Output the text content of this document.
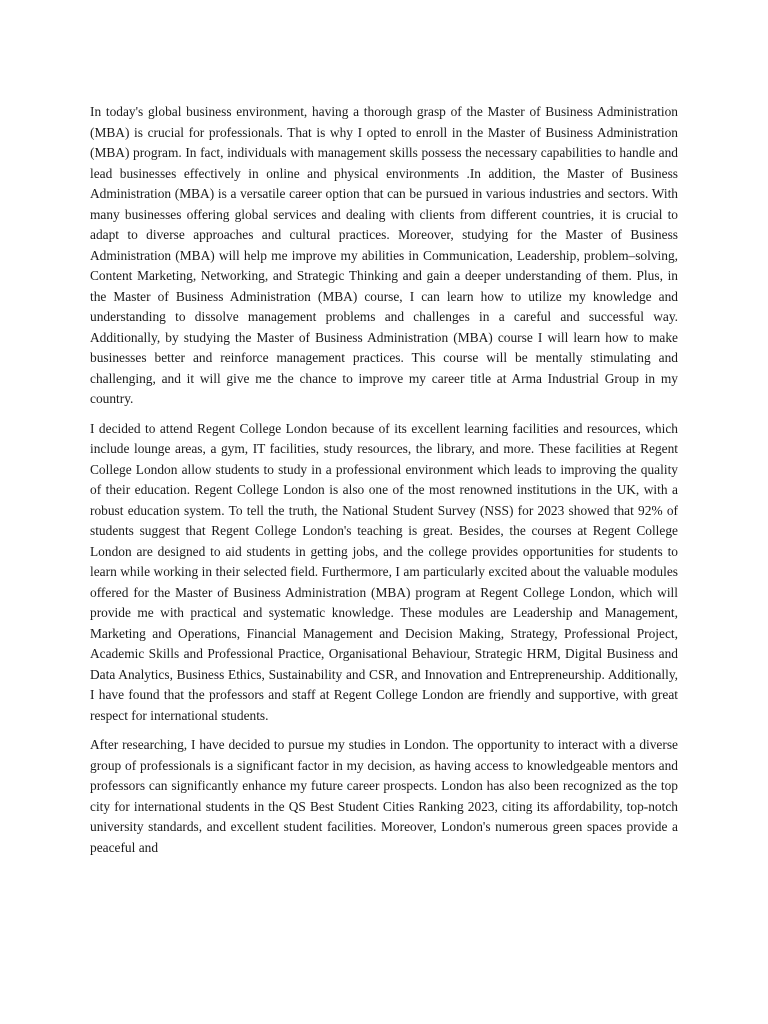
In today's global business environment, having a thorough grasp of the Master of Business Administration (MBA) is crucial for professionals. That is why I opted to enroll in the Master of Business Administration (MBA) program. In fact, individuals with management skills possess the necessary capabilities to handle and lead businesses effectively in online and physical environments .In addition, the Master of Business Administration (MBA) is a versatile career option that can be pursued in various industries and sectors. With many businesses offering global services and dealing with clients from different countries, it is crucial to adapt to diverse approaches and cultural practices. Moreover, studying for the Master of Business Administration (MBA) will help me improve my abilities in Communication, Leadership, problem–solving, Content Marketing, Networking, and Strategic Thinking and gain a deeper understanding of them. Plus, in the Master of Business Administration (MBA) course, I can learn how to utilize my knowledge and understanding to dissolve management problems and challenges in a careful and successful way. Additionally, by studying the Master of Business Administration (MBA) course I will learn how to make businesses better and reinforce management practices. This course will be mentally stimulating and challenging, and it will give me the chance to improve my career title at Arma Industrial Group in my country.

I decided to attend Regent College London because of its excellent learning facilities and resources, which include lounge areas, a gym, IT facilities, study resources, the library, and more. These facilities at Regent College London allow students to study in a professional environment which leads to improving the quality of their education. Regent College London is also one of the most renowned institutions in the UK, with a robust education system. To tell the truth, the National Student Survey (NSS) for 2023 showed that 92% of students suggest that Regent College London's teaching is great. Besides, the courses at Regent College London are designed to aid students in getting jobs, and the college provides opportunities for students to learn while working in their selected field. Furthermore, I am particularly excited about the valuable modules offered for the Master of Business Administration (MBA) program at Regent College London, which will provide me with practical and systematic knowledge. These modules are Leadership and Management, Marketing and Operations, Financial Management and Decision Making, Strategy, Professional Project, Academic Skills and Professional Practice, Organisational Behaviour, Strategic HRM, Digital Business and Data Analytics, Business Ethics, Sustainability and CSR, and Innovation and Entrepreneurship. Additionally, I have found that the professors and staff at Regent College London are friendly and supportive, with great respect for international students.

After researching, I have decided to pursue my studies in London. The opportunity to interact with a diverse group of professionals is a significant factor in my decision, as having access to knowledgeable mentors and professors can significantly enhance my future career prospects. London has also been recognized as the top city for international students in the QS Best Student Cities Ranking 2023, citing its affordability, top-notch university standards, and excellent student facilities. Moreover, London's numerous green spaces provide a peaceful and
